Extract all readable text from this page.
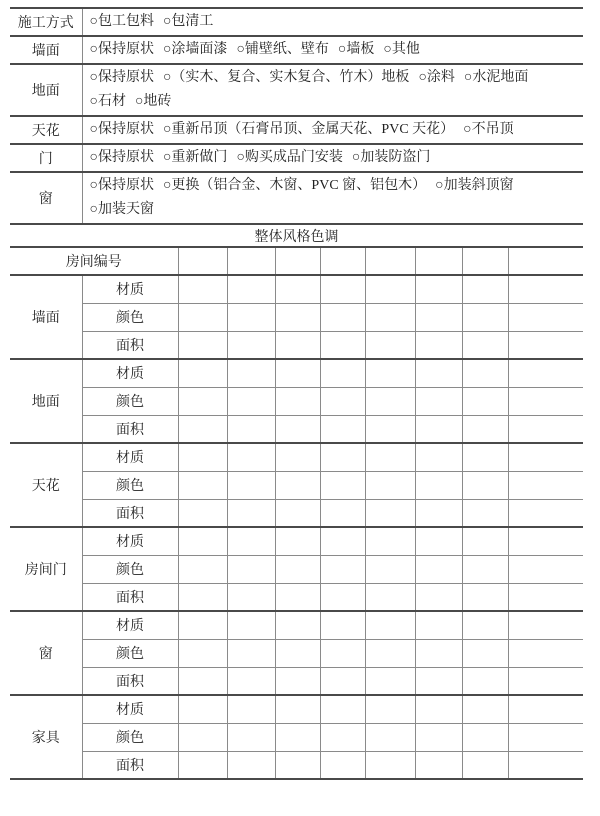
施工方式	○包工包料 ○包清工								

墙面	○保持原状 ○涂墙面漆 ○铺壁纸、壁布 ○墙板 ○其他								

地面	○保持原状 ○（实木、复合、实木复合、竹木）地板 ○涂料 ○水泥地面
○石材 ○地砖								

天花	○保持原状 ○重新吊顶（石膏吊顶、金属天花、PVC 天花） ○不吊顶								

门	○保持原状 ○重新做门 ○购买成品门安装 ○加装防盗门								

窗	○保持原状 ○更换（铝合金、木窗、PVC 窗、铝包木） ○加装斜顶窗
○加装天窗								

整体风格色调									
房间编号									
墙面	材质								
	颜色								
	面积								
地面	材质								
	颜色								
	面积								
天花	材质								
	颜色								
	面积								
房间门	材质								
	颜色								
	面积								
窗	材质								
	颜色								
	面积								
家具	材质								
	颜色								
	面积								
